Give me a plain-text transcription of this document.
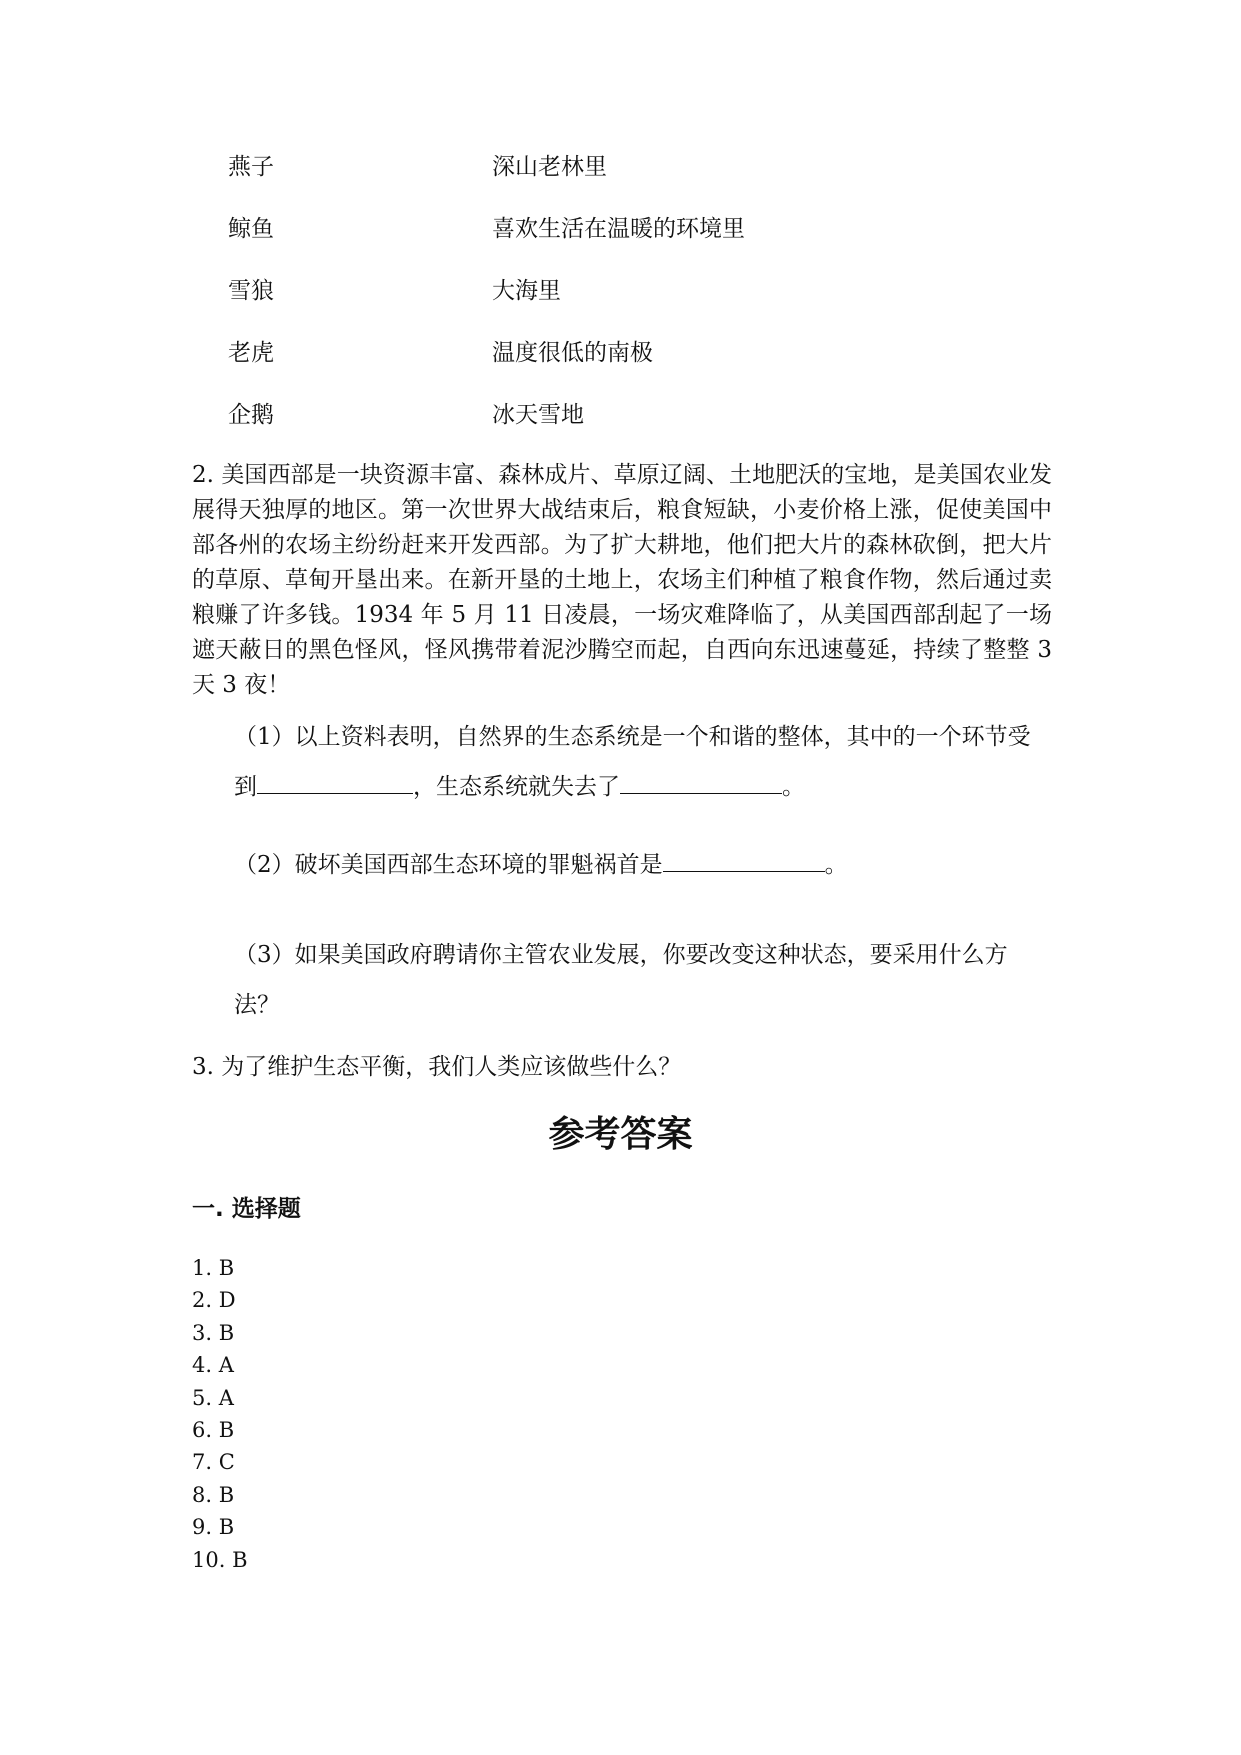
燕子	深山老林里
鲸鱼	喜欢生活在温暖的环境里
雪狼	大海里
老虎	温度很低的南极
企鹅	冰天雪地
2. 美国西部是一块资源丰富、森林成片、草原辽阔、土地肥沃的宝地，是美国农业发展得天独厚的地区。第一次世界大战结束后，粮食短缺，小麦价格上涨，促使美国中部各州的农场主纷纷赶来开发西部。为了扩大耕地，他们把大片的森林砍倒，把大片的草原、草甸开垦出来。在新开垦的土地上，农场主们种植了粮食作物，然后通过卖粮赚了许多钱。1934 年 5 月 11 日凌晨，一场灾难降临了，从美国西部刮起了一场遮天蔽日的黑色怪风，怪风携带着泥沙腾空而起，自西向东迅速蔓延，持续了整整 3 天 3 夜！
（1）以上资料表明，自然界的生态系统是一个和谐的整体，其中的一个环节受到	，生态系统就失去了	。
（2）破坏美国西部生态环境的罪魁祸首是	。
（3）如果美国政府聘请你主管农业发展，你要改变这种状态，要采用什么方法？
3. 为了维护生态平衡，我们人类应该做些什么？
参考答案
一. 选择题
1. B
2. D
3. B
4. A
5. A
6. B
7. C
8. B
9. B
10. B
